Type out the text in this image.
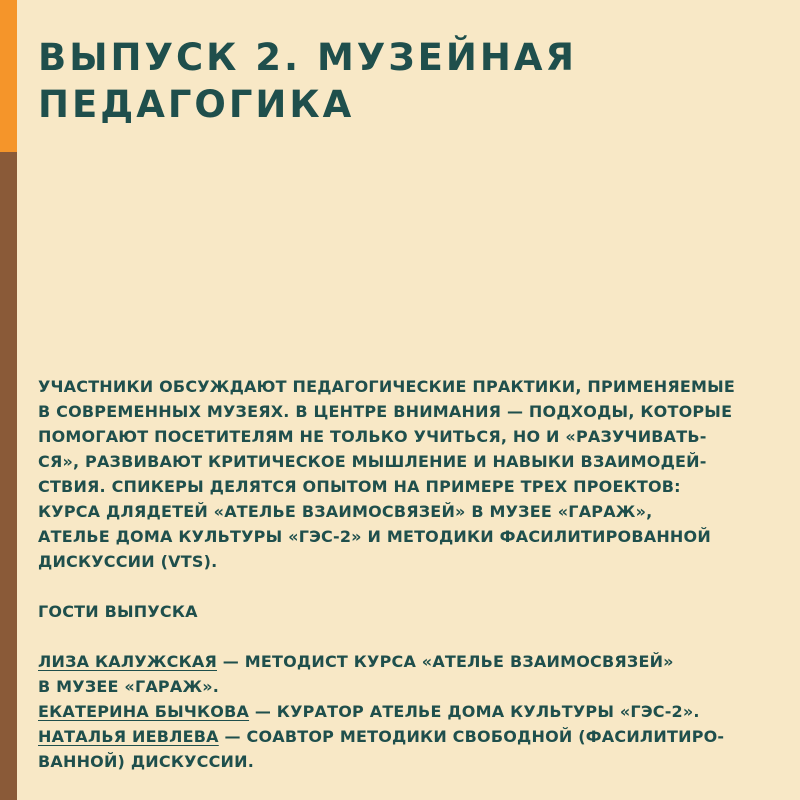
ВЫПУСК 2. МУЗЕЙНАЯ
ПЕДАГОГИКА
УЧАСТНИКИ ОБСУЖДАЮТ ПЕДАГОГИЧЕСКИЕ ПРАКТИКИ, ПРИМЕНЯЕМЫЕ
В СОВРЕМЕННЫХ МУЗЕЯХ. В ЦЕНТРЕ ВНИМАНИЯ — ПОДХОДЫ, КОТОРЫЕ
ПОМОГАЮТ ПОСЕТИТЕЛЯМ НЕ ТОЛЬКО УЧИТЬСЯ, НО И «РАЗУЧИВАТЬ-
СЯ», РАЗВИВАЮТ КРИТИЧЕСКОЕ МЫШЛЕНИЕ И НАВЫКИ ВЗАИМОДЕЙ-
СТВИЯ. СПИКЕРЫ ДЕЛЯТСЯ ОПЫТОМ НА ПРИМЕРЕ ТРЕХ ПРОЕКТОВ:
КУРСА ДЛЯДЕТЕЙ «АТЕЛЬЕ ВЗАИМОСВЯЗЕЙ» В МУЗЕЕ «ГАРАЖ»,
АТЕЛЬЕ ДОМА КУЛЬТУРЫ «ГЭС-2» И МЕТОДИКИ ФАСИЛИТИРОВАННОЙ
ДИСКУССИИ (VTS).
ГОСТИ ВЫПУСКА
ЛИЗА КАЛУЖСКАЯ — МЕТОДИСТ КУРСА «АТЕЛЬЕ ВЗАИМОСВЯЗЕЙ»
В МУЗЕЕ «ГАРАЖ».
ЕКАТЕРИНА БЫЧКОВА — КУРАТОР АТЕЛЬЕ ДОМА КУЛЬТУРЫ «ГЭС-2».
НАТАЛЬЯ ИЕВЛЕВА — СОАВТОР МЕТОДИКИ СВОБОДНОЙ (ФАСИЛИТИРО-
ВАННОЙ) ДИСКУССИИ.
